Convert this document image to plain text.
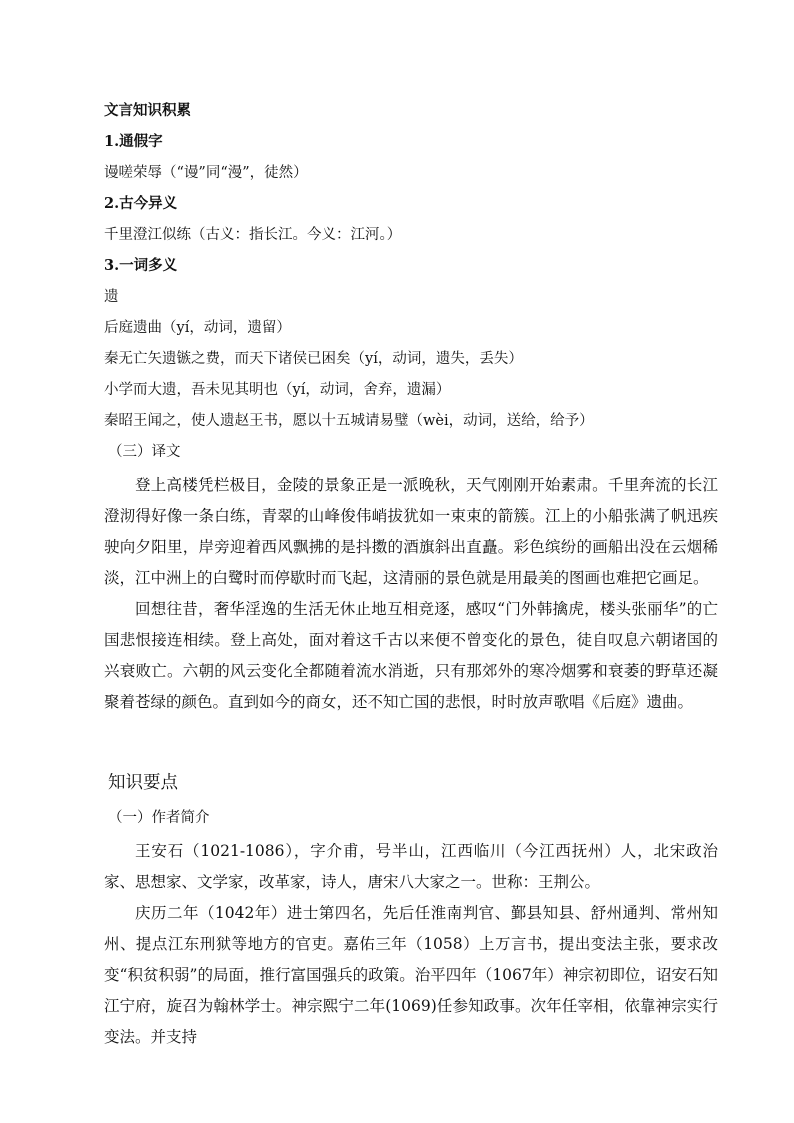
文言知识积累
1.通假字
谩嗟荣辱（“谩”同“漫”，徒然）
2.古今异义
千里澄江似练（古义：指长江。今义：江河。）
3.一词多义
遗
后庭遗曲（yí，动词，遗留）
秦无亡矢遗镞之费，而天下诸侯已困矣（yí，动词，遗失，丢失）
小学而大遗，吾未见其明也（yí，动词，舍弃，遗漏）
秦昭王闻之，使人遗赵王书，愿以十五城请易璧（wèi，动词，送给，给予）
（三）译文

登上高楼凭栏极目，金陵的景象正是一派晚秋，天气刚刚开始素肃。千里奔流的长江澄沏得好像一条白练，青翠的山峰俊伟峭拔犹如一束束的箭簇。江上的小船张满了帆迅疾驶向夕阳里，岸旁迎着西风飘拂的是抖擞的酒旗斜出直矗。彩色缤纷的画船出没在云烟稀淡，江中洲上的白鹭时而停歇时而飞起，这清丽的景色就是用最美的图画也难把它画足。

回想往昔，奢华淫逸的生活无休止地互相竞逐，感叹“门外韩擒虎，楼头张丽华”的亡国悲恨接连相续。登上高处，面对着这千古以来便不曾变化的景色，徒自叹息六朝诸国的兴衰败亡。六朝的风云变化全都随着流水消逝，只有那郊外的寒冷烟雾和衰萎的野草还凝聚着苍绿的颜色。直到如今的商女，还不知亡国的悲恨，时时放声歌唱《后庭》遗曲。

知识要点
（一）作者简介

王安石（1021-1086），字介甫，号半山，江西临川（今江西抚州）人，北宋政治家、思想家、文学家，改革家，诗人，唐宋八大家之一。世称：王荆公。

庆历二年（1042年）进士第四名，先后任淮南判官、鄞县知县、舒州通判、常州知州、提点江东刑狱等地方的官吏。嘉佑三年（1058）上万言书，提出变法主张，要求改变“积贫积弱”的局面，推行富国强兵的政策。治平四年（1067年）神宗初即位，诏安石知江宁府，旋召为翰林学士。神宗熙宁二年(1069)任参知政事。次年任宰相，依靠神宗实行变法。并支持
